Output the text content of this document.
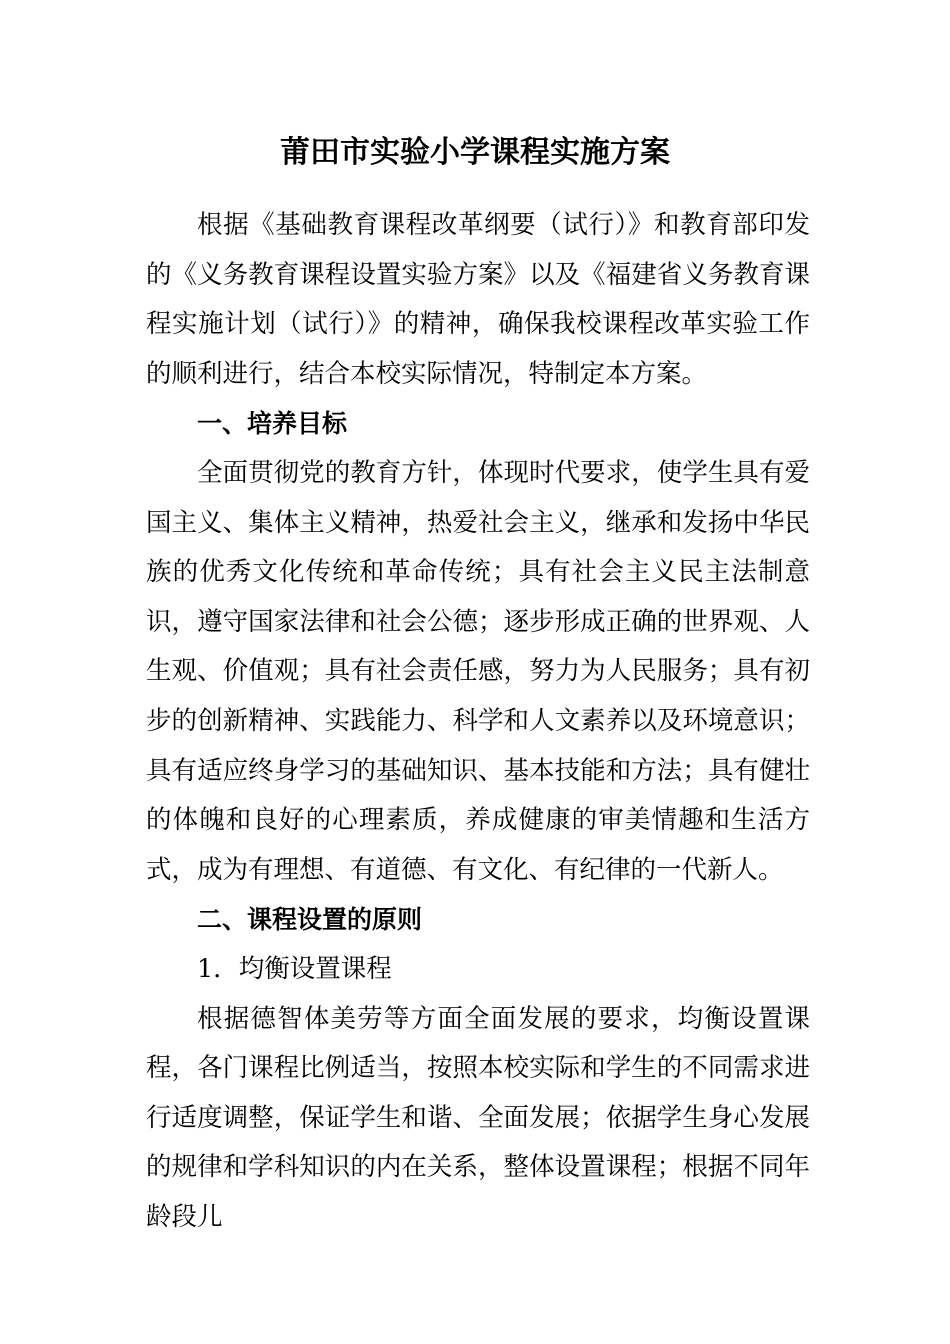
莆田市实验小学课程实施方案

根据《基础教育课程改革纲要（试行）》和教育部印发的《义务教育课程设置实验方案》以及《福建省义务教育课程实施计划（试行）》的精神，确保我校课程改革实验工作的顺利进行，结合本校实际情况，特制定本方案。

一、培养目标

全面贯彻党的教育方针，体现时代要求，使学生具有爱国主义、集体主义精神，热爱社会主义，继承和发扬中华民族的优秀文化传统和革命传统；具有社会主义民主法制意识，遵守国家法律和社会公德；逐步形成正确的世界观、人生观、价值观；具有社会责任感，努力为人民服务；具有初步的创新精神、实践能力、科学和人文素养以及环境意识；具有适应终身学习的基础知识、基本技能和方法；具有健壮的体魄和良好的心理素质，养成健康的审美情趣和生活方式，成为有理想、有道德、有文化、有纪律的一代新人。

二、课程设置的原则

1．均衡设置课程

根据德智体美劳等方面全面发展的要求，均衡设置课程，各门课程比例适当，按照本校实际和学生的不同需求进行适度调整，保证学生和谐、全面发展；依据学生身心发展的规律和学科知识的内在关系，整体设置课程；根据不同年龄段儿
